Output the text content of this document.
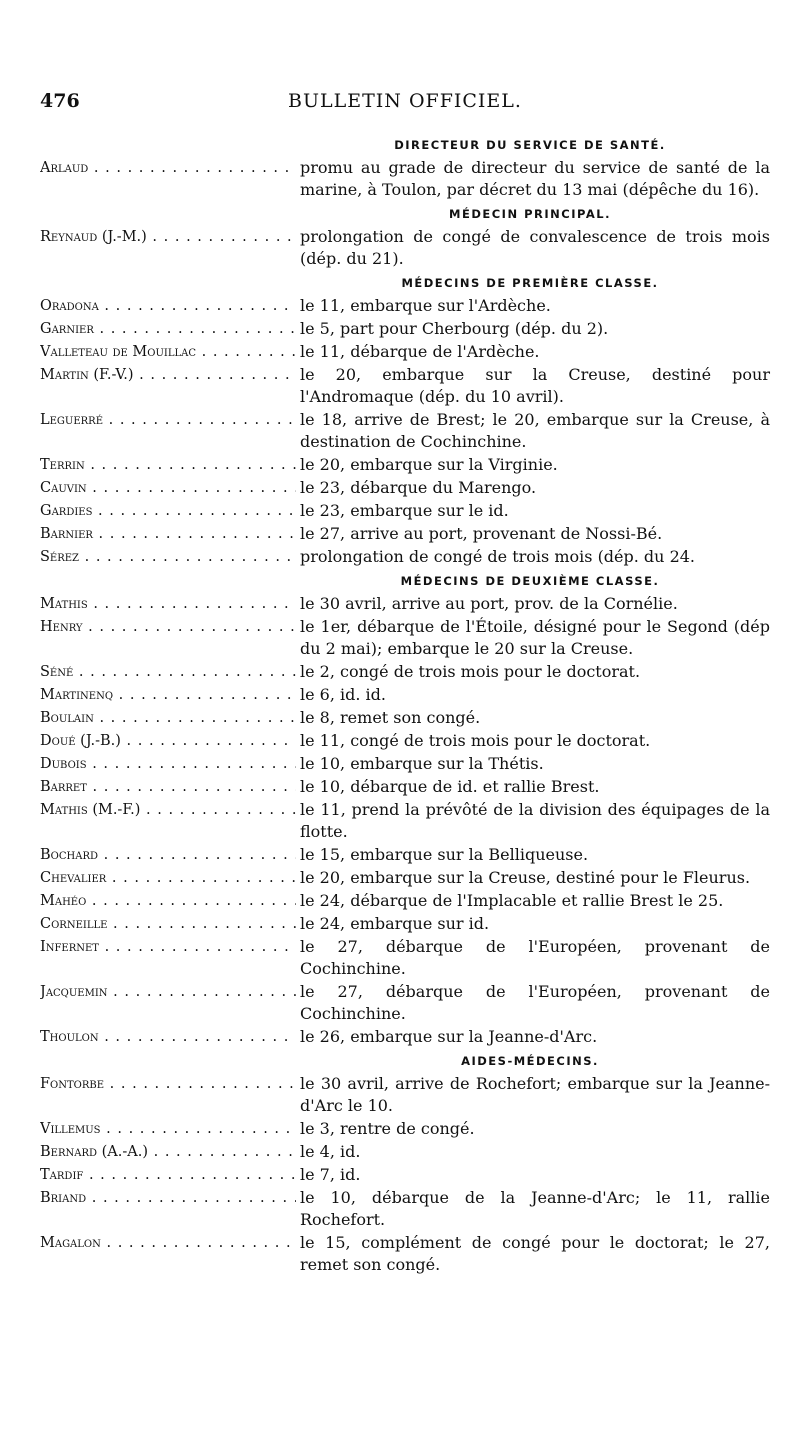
476	BULLETIN OFFICIEL.
DIRECTEUR DU SERVICE DE SANTÉ.
Arlaud . . .	promu au grade de directeur du service de santé de la marine, à Toulon, par décret du 13 mai (dépêche du 16).
MÉDECIN PRINCIPAL.
Reynaud (J.-M.) . . .	prolongation de congé de convalescence de trois mois (dép. du 21).
MÉDECINS DE PREMIÈRE CLASSE.
Oradona . . .	le 11, embarque sur l'Ardèche.
Garnier . . .	le 5, part pour Cherbourg (dép. du 2).
Valleteau de Mouillac . . .	le 11, débarque de l'Ardèche.
Martin (F.-V.) . . .	le 20, embarque sur la Creuse, destiné pour l'Andromaque (dép. du 10 avril).
Leguerré . . .	le 18, arrive de Brest; le 20, embarque sur la Creuse, à destination de Cochinchine.
Terrin . . .	le 20, embarque sur la Virginie.
Cauvin . . .	le 23, débarque du Marengo.
Gardies . . .	le 23, embarque sur le id.
Barnier . . .	le 27, arrive au port, provenant de Nossi-Bé.
Sérez . . .	prolongation de congé de trois mois (dép. du 24.
MÉDECINS DE DEUXIÈME CLASSE.
Mathis . . .	le 30 avril, arrive au port, prov. de la Cornélie.
Henry . . .	le 1er, débarque de l'Étoile, désigné pour le Segond (dép du 2 mai); embarque le 20 sur la Creuse.
Séné . . .	le 2, congé de trois mois pour le doctorat.
Martinenq . . .	le 6, id. id.
Boulain . . .	le 8, remet son congé.
Doué (J.-B.) . . .	le 11, congé de trois mois pour le doctorat.
Dubois . . .	le 10, embarque sur la Thétis.
Barret . . .	le 10, débarque de id. et rallie Brest.
Mathis (M.-F.) . . .	le 11, prend la prévôté de la division des équipages de la flotte.
Bochard . . .	le 15, embarque sur la Belliqueuse.
Chevalier . . .	le 20, embarque sur la Creuse, destiné pour le Fleurus.
Mahéo . . .	le 24, débarque de l'Implacable et rallie Brest le 25.
Corneille . . .	le 24, embarque sur id.
Infernet . . .	le 27, débarque de l'Européen, provenant de Cochinchine.
Jacquemin . . .	le 27, débarque de l'Européen, provenant de Cochinchine.
Thoulon . . .	le 26, embarque sur la Jeanne-d'Arc.
AIDES-MÉDECINS.
Fontorbe . . .	le 30 avril, arrive de Rochefort; embarque sur la Jeanne-d'Arc le 10.
Villemus . . .	le 3, rentre de congé.
Bernard (A.-A.) . . .	le 4, id.
Tardif . . .	le 7, id.
Briand . . .	le 10, débarque de la Jeanne-d'Arc; le 11, rallie Rochefort.
Magalon . . .	le 15, complément de congé pour le doctorat; le 27, remet son congé.
